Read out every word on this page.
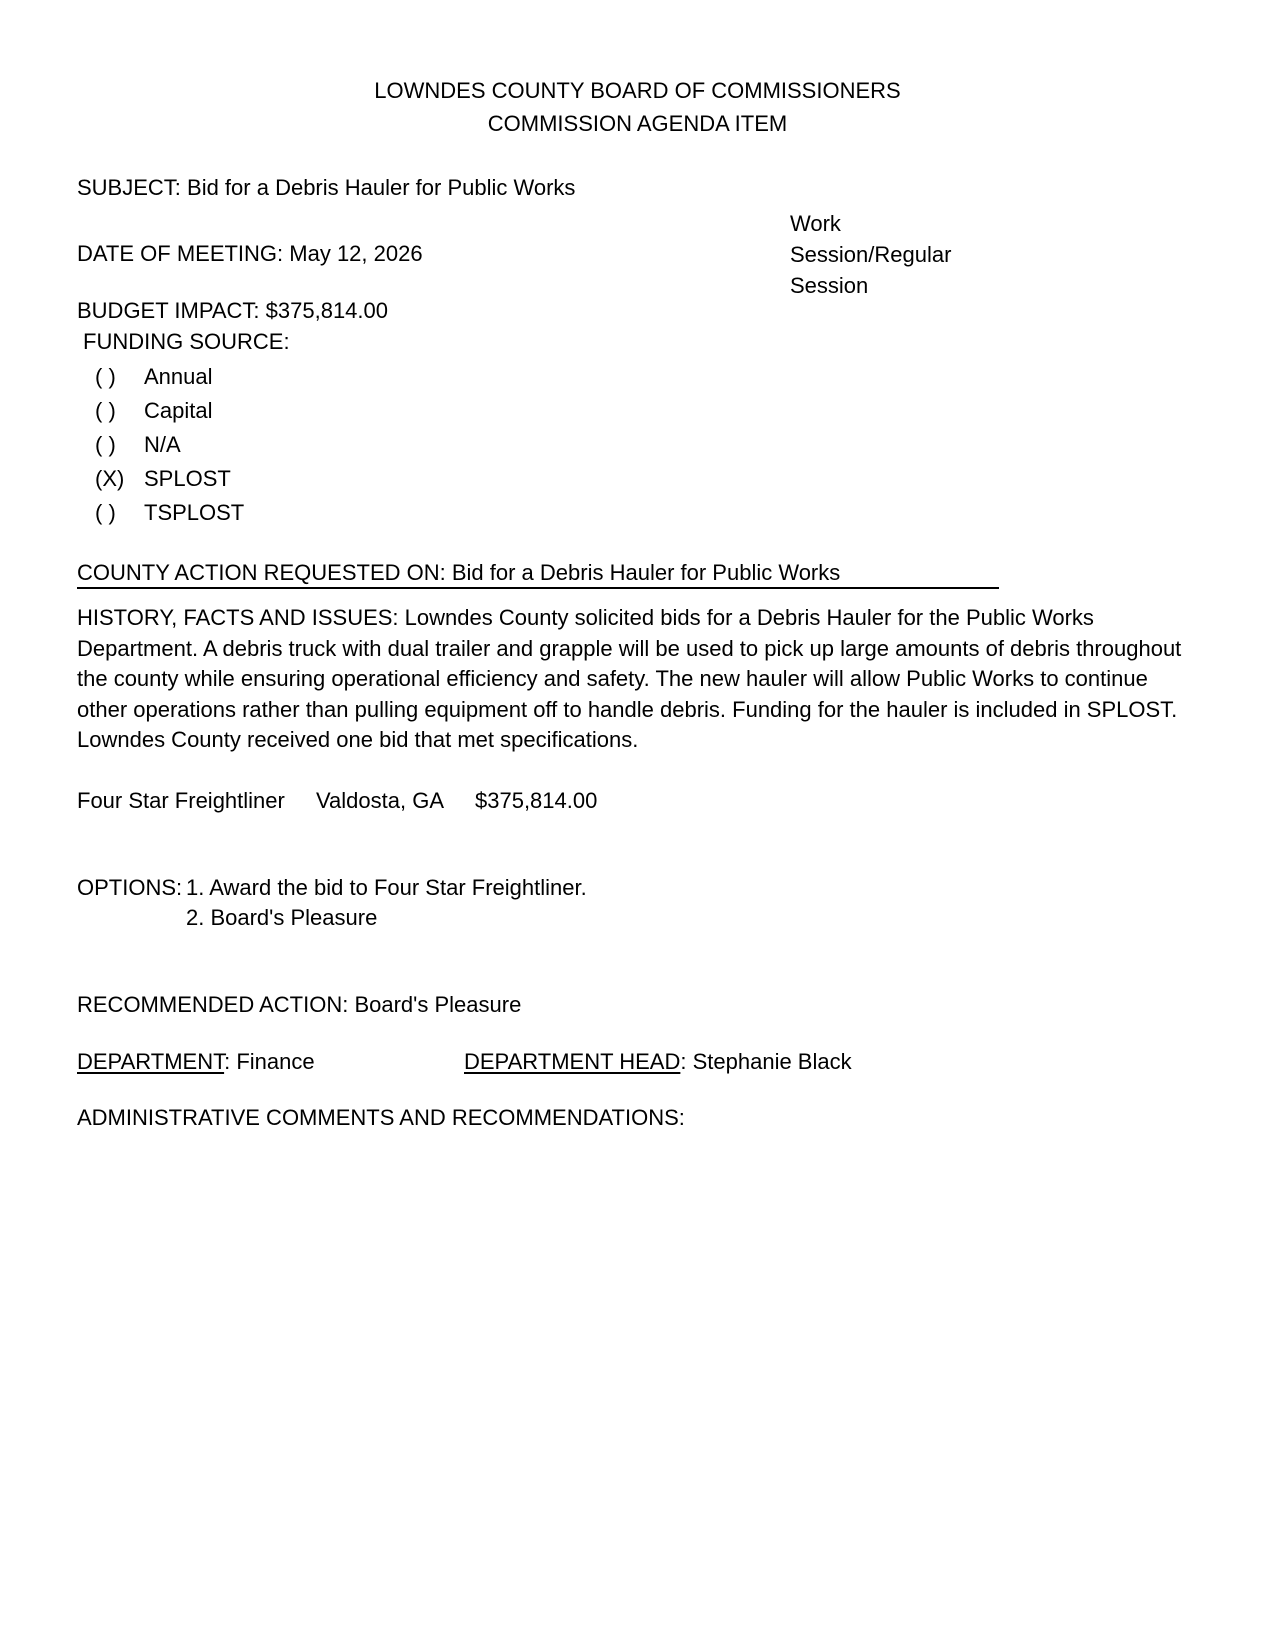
LOWNDES COUNTY BOARD OF COMMISSIONERS
COMMISSION AGENDA ITEM
SUBJECT: Bid for a Debris Hauler for Public Works
Work Session/Regular Session
DATE OF MEETING: May 12, 2026
BUDGET IMPACT: $375,814.00
FUNDING SOURCE:
( ) Annual
( ) Capital
( ) N/A
(X) SPLOST
( ) TSPLOST
COUNTY ACTION REQUESTED ON: Bid for a Debris Hauler for Public Works
HISTORY, FACTS AND ISSUES: Lowndes County solicited bids for a Debris Hauler for the Public Works Department. A debris truck with dual trailer and grapple will be used to pick up large amounts of debris throughout the county while ensuring operational efficiency and safety. The new hauler will allow Public Works to continue other operations rather than pulling equipment off to handle debris. Funding for the hauler is included in SPLOST. Lowndes County received one bid that met specifications.
Four Star Freightliner Valdosta, GA $375,814.00
OPTIONS: 1. Award the bid to Four Star Freightliner.
2. Board's Pleasure
RECOMMENDED ACTION: Board's Pleasure
DEPARTMENT: Finance	DEPARTMENT HEAD: Stephanie Black
ADMINISTRATIVE COMMENTS AND RECOMMENDATIONS:
